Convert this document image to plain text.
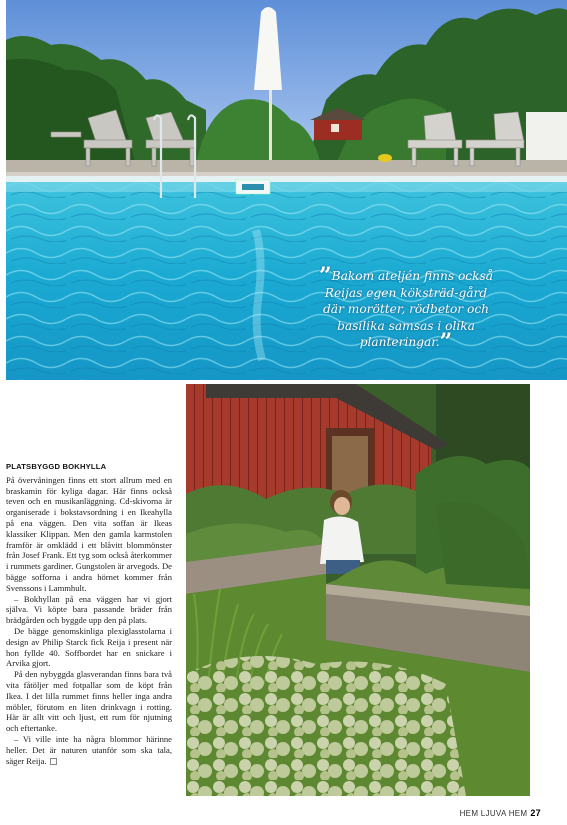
”Bakom ateljén finns också Reijas egen köksträd-gård där morötter, rödbetor och basilika samsas i olika planteringar.”
PLATSBYGGD BOKHYLLA

På övervåningen finns ett stort allrum med en braskamin för kyliga dagar. Här finns också teven och en musikanläggning. Cd-skivorna är organiserade i bokstavsordning i en Ikeahylla på ena väggen. Den vita soffan är Ikeas klassiker Klippan. Men den gamla karmstolen framför är omklädd i ett blåvitt blommönster från Josef Frank. Ett tyg som också återkommer i rummets gardiner. Gungstolen är arvegods. De bägge sofforna i andra hörnet kommer från Svenssons i Lammhult.

– Bokhyllan på ena väggen har vi gjort själva. Vi köpte bara passande bräder från brädgården och byggde upp den på plats.

De bägge genomskinliga plexiglasstolarna i design av Philip Starck fick Reija i present när hon fyllde 40. Soffbordet har en snickare i Arvika gjort.

På den nybyggda glasverandan finns bara två vita fåtöljer med fotpallar som de köpt från Ikea. I det lilla rummet finns heller inga andra möbler, förutom en liten drinkvagn i rotting. Här är allt vitt och ljust, ett rum för njutning och eftertanke.

– Vi ville inte ha några blommor härinne heller. Det är naturen utanför som ska tala, säger Reija.

HEM LJUVA HEM 27
